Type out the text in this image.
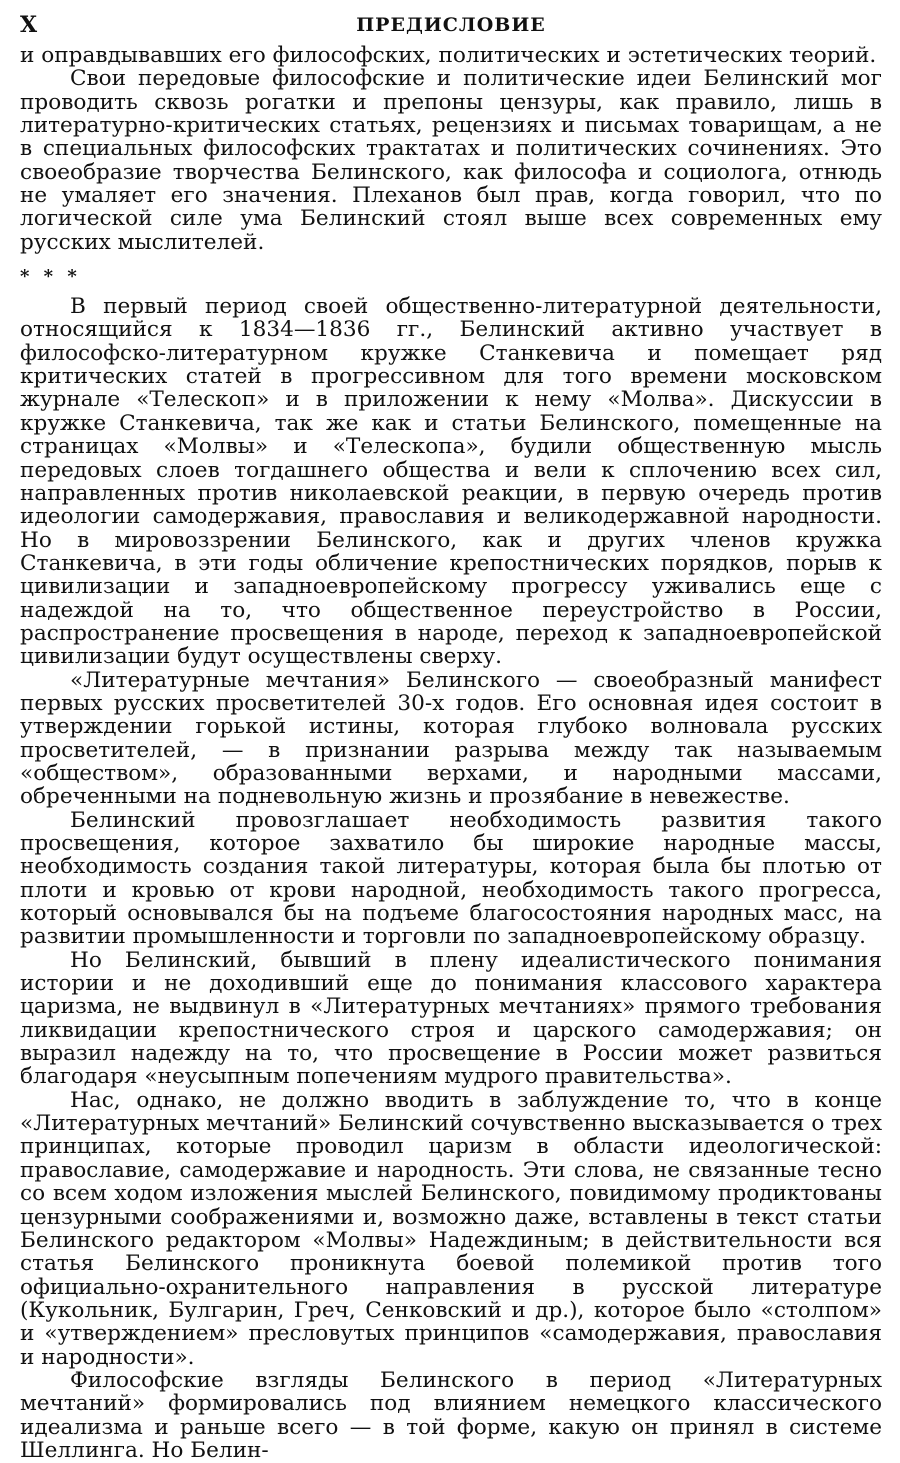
X	ПРЕДИСЛОВИЕ

и оправдывавших его философских, политических и эстетических теорий.

Свои передовые философские и политические идеи Белинский мог проводить сквозь рогатки и препоны цензуры, как правило, лишь в литературно-критических статьях, рецензиях и письмах товарищам, а не в специальных философских трактатах и политических сочинениях. Это своеобразие творчества Белинского, как философа и социолога, отнюдь не умаляет его значения. Плеханов был прав, когда говорил, что по логической силе ума Белинский стоял выше всех современных ему русских мыслителей.

* * *

В первый период своей общественно-литературной деятельности, относящийся к 1834—1836 гг., Белинский активно участвует в философско-литературном кружке Станкевича и помещает ряд критических статей в прогрессивном для того времени московском журнале «Телескоп» и в приложении к нему «Молва». Дискуссии в кружке Станкевича, так же как и статьи Белинского, помещенные на страницах «Молвы» и «Телескопа», будили общественную мысль передовых слоев тогдашнего общества и вели к сплочению всех сил, направленных против николаевской реакции, в первую очередь против идеологии самодержавия, православия и великодержавной народности. Но в мировоззрении Белинского, как и других членов кружка Станкевича, в эти годы обличение крепостнических порядков, порыв к цивилизации и западноевропейскому прогрессу уживались еще с надеждой на то, что общественное переустройство в России, распространение просвещения в народе, переход к западноевропейской цивилизации будут осуществлены сверху.

«Литературные мечтания» Белинского — своеобразный манифест первых русских просветителей 30-х годов. Его основная идея состоит в утверждении горькой истины, которая глубоко волновала русских просветителей, — в признании разрыва между так называемым «обществом», образованными верхами, и народными массами, обреченными на подневольную жизнь и прозябание в невежестве.

Белинский провозглашает необходимость развития такого просвещения, которое захватило бы широкие народные массы, необходимость создания такой литературы, которая была бы плотью от плоти и кровью от крови народной, необходимость такого прогресса, который основывался бы на подъеме благосостояния народных масс, на развитии промышленности и торговли по западноевропейскому образцу.

Но Белинский, бывший в плену идеалистического понимания истории и не доходивший еще до понимания классового характера царизма, не выдвинул в «Литературных мечтаниях» прямого требования ликвидации крепостнического строя и царского самодержавия; он выразил надежду на то, что просвещение в России может развиться благодаря «неусыпным попечениям мудрого правительства».

Нас, однако, не должно вводить в заблуждение то, что в конце «Литературных мечтаний» Белинский сочувственно высказывается о трех принципах, которые проводил царизм в области идеологической: православие, самодержавие и народность. Эти слова, не связанные тесно со всем ходом изложения мыслей Белинского, повидимому продиктованы цензурными соображениями и, возможно даже, вставлены в текст статьи Белинского редактором «Молвы» Надеждиным; в действительности вся статья Белинского проникнута боевой полемикой против того официально-охранительного направления в русской литературе (Кукольник, Булгарин, Греч, Сенковский и др.), которое было «столпом» и «утверждением» пресловутых принципов «самодержавия, православия и народности».

Философские взгляды Белинского в период «Литературных мечтаний» формировались под влиянием немецкого классического идеализма и раньше всего — в той форме, какую он принял в системе Шеллинга. Но Белин-
